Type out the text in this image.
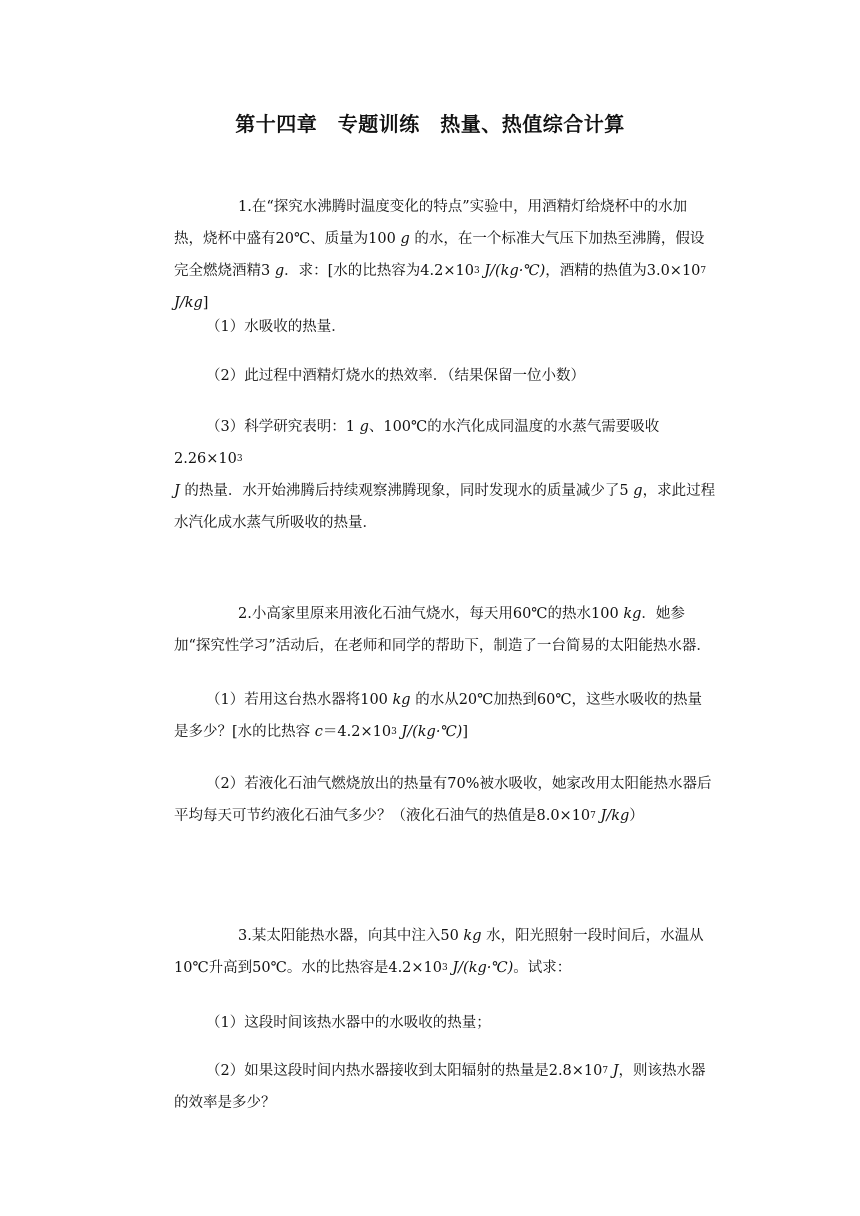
第十四章　专题训练　热量、热值综合计算
1.在“探究水沸腾时温度变化的特点”实验中，用酒精灯给烧杯中的水加热，烧杯中盛有20℃、质量为100 g 的水，在一个标准大气压下加热至沸腾，假设完全燃烧酒精3 g．求：[水的比热容为$4.2\times 10^3$ J/(kg·℃)，酒精的热值为$3.0\times 10^7$ J/kg]
（1）水吸收的热量．
（2）此过程中酒精灯烧水的热效率．（结果保留一位小数）
（3）科学研究表明：1 g、100℃的水汽化成同温度的水蒸气需要吸收$2.26\times 10^3$
J 的热量．水开始沸腾后持续观察沸腾现象，同时发现水的质量减少了5 g，求此过程水汽化成水蒸气所吸收的热量．
2.小高家里原来用液化石油气烧水，每天用60℃的热水100 kg．她参加“探究性学习”活动后，在老师和同学的帮助下，制造了一台简易的太阳能热水器．
（1）若用这台热水器将100 kg 的水从20℃加热到60℃，这些水吸收的热量是多少？[水的比热容 $c=4.2\times 10^3$ J/(kg·℃)]
（2）若液化石油气燃烧放出的热量有70%被水吸收，她家改用太阳能热水器后平均每天可节约液化石油气多少？（液化石油气的热值是$8.0\times 10^7$ J/kg）
3.某太阳能热水器，向其中注入50 kg 水，阳光照射一段时间后，水温从10℃升高到50℃。水的比热容是$4.2\times 10^3$ J/(kg·℃)。试求：
（1）这段时间该热水器中的水吸收的热量；
（2）如果这段时间内热水器接收到太阳辐射的热量是$2.8\times 10^7$ J，则该热水器的效率是多少？
